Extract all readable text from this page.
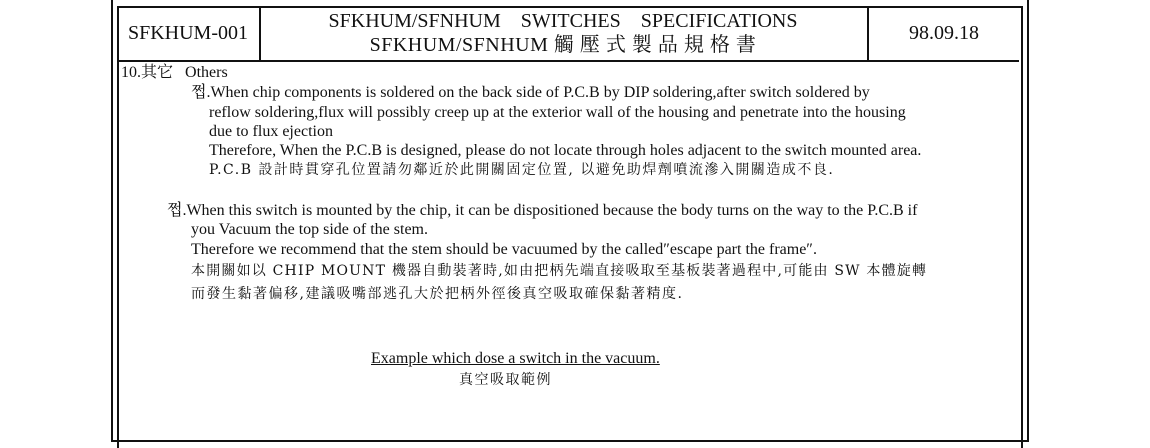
SFKHUM-001
SFKHUM/SFNHUM    SWITCHES    SPECIFICATIONS
SFKHUM/SFNHUM 觸 壓 式 製 品 規 格 書
98.09.18
10.其它 Others
쩝.When chip components is soldered on the back side of P.C.B by DIP soldering,after switch soldered by
reflow soldering,flux will possibly creep up at the exterior wall of the housing and penetrate into the housing
due to flux ejection
Therefore, When the P.C.B is designed, please do not locate through holes adjacent to the switch mounted area.
P.C.B 設計時貫穿孔位置請勿鄰近於此開關固定位置, 以避免助焊劑噴流滲入開關造成不良.
쩝.When this switch is mounted by the chip, it can be dispositioned because the body turns on the way to the P.C.B if
you Vacuum the top side of the stem.
Therefore we recommend that the stem should be vacuumed by the called″escape part the frame″.
本開關如以 CHIP MOUNT 機器自動裝著時,如由把柄先端直接吸取至基板裝著過程中,可能由 SW 本體旋轉
而發生黏著偏移,建議吸嘴部逃孔大於把柄外徑後真空吸取確保黏著精度.
Example which dose a switch in the vacuum.
真空吸取範例
